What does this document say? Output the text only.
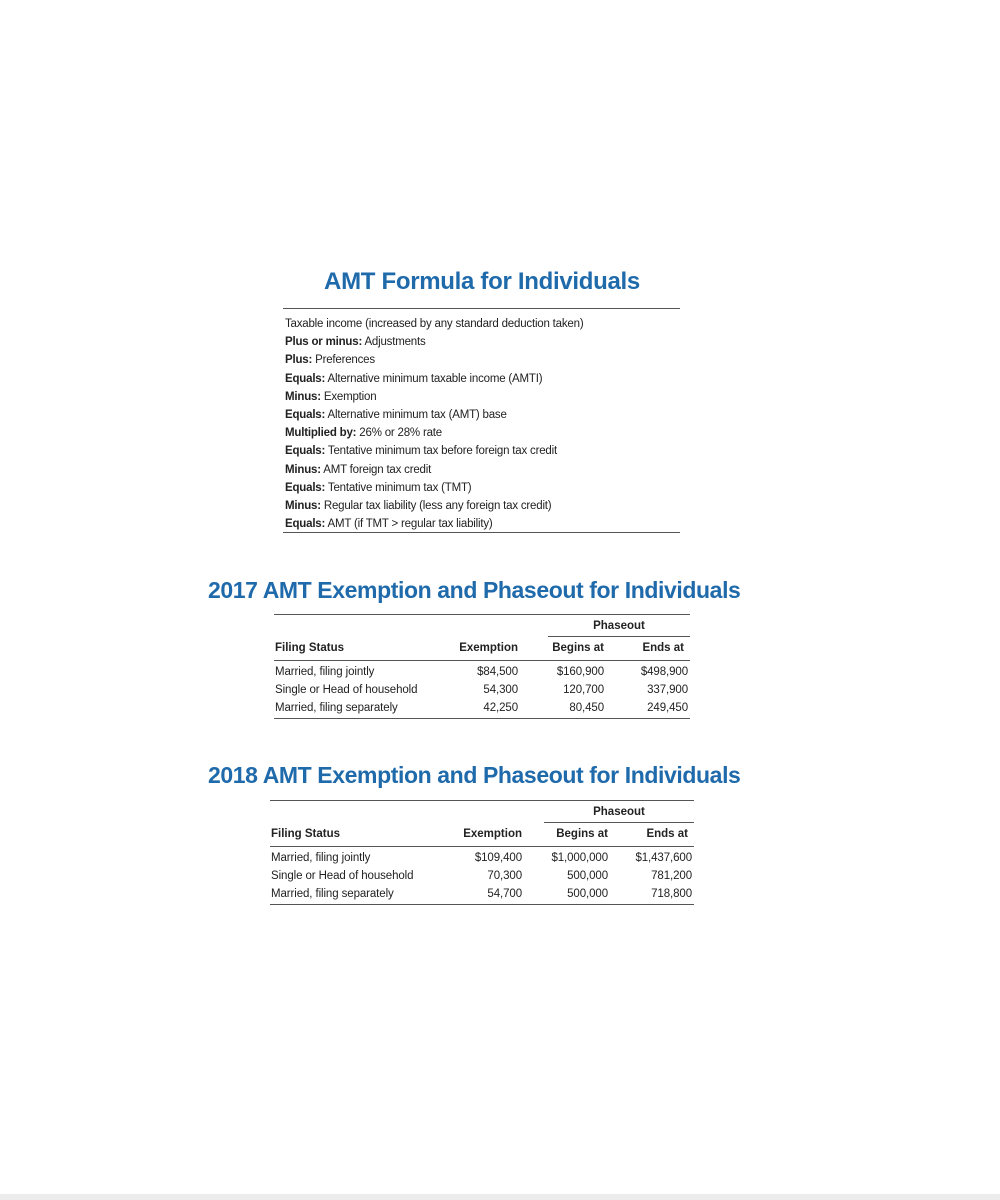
AMT Formula for Individuals
Taxable income (increased by any standard deduction taken)
Plus or minus: Adjustments
Plus: Preferences
Equals: Alternative minimum taxable income (AMTI)
Minus: Exemption
Equals: Alternative minimum tax (AMT) base
Multiplied by: 26% or 28% rate
Equals: Tentative minimum tax before foreign tax credit
Minus: AMT foreign tax credit
Equals: Tentative minimum tax (TMT)
Minus: Regular tax liability (less any foreign tax credit)
Equals: AMT (if TMT > regular tax liability)
2017 AMT Exemption and Phaseout for Individuals
Phaseout
Filing Status	Exemption	Begins at	Ends at
Married, filing jointly	$84,500	$160,900	$498,900
Single or Head of household	54,300	120,700	337,900
Married, filing separately	42,250	80,450	249,450
2018 AMT Exemption and Phaseout for Individuals
Phaseout
Filing Status	Exemption	Begins at	Ends at
Married, filing jointly	$109,400	$1,000,000 $1,437,600
Single or Head of household	70,300	500,000	781,200
Married, filing separately	54,700	500,000	718,800
